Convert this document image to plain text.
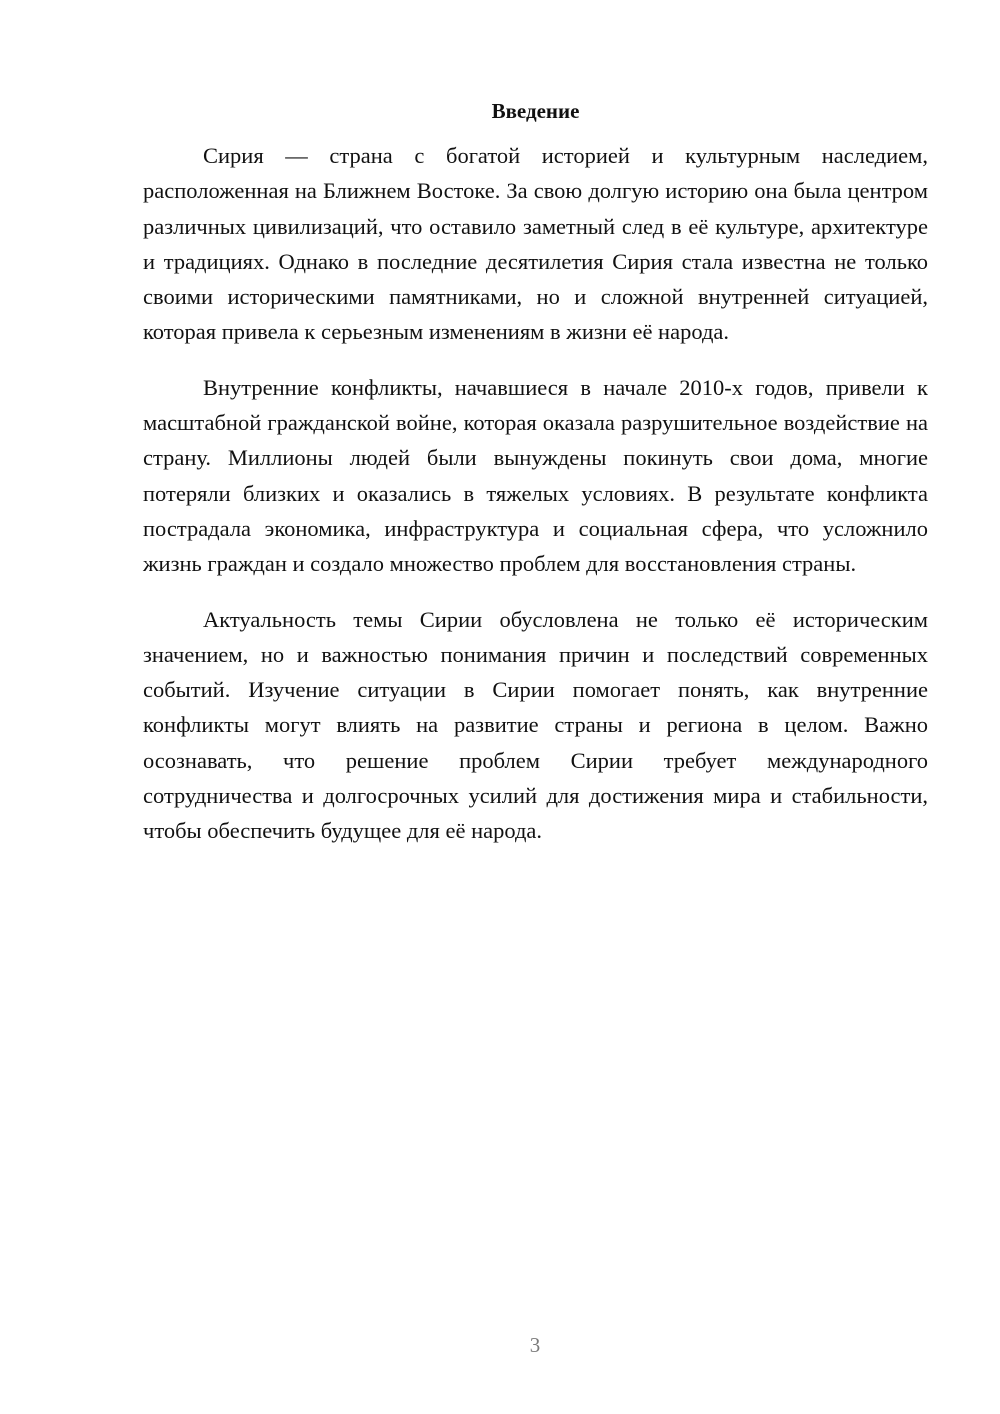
Введение

Сирия — страна с богатой историей и культурным наследием, расположенная на Ближнем Востоке. За свою долгую историю она была центром различных цивилизаций, что оставило заметный след в её культуре, архитектуре и традициях. Однако в последние десятилетия Сирия стала известна не только своими историческими памятниками, но и сложной внутренней ситуацией, которая привела к серьезным изменениям в жизни её народа.

Внутренние конфликты, начавшиеся в начале 2010-х годов, привели к масштабной гражданской войне, которая оказала разрушительное воздействие на страну. Миллионы людей были вынуждены покинуть свои дома, многие потеряли близких и оказались в тяжелых условиях. В результате конфликта пострадала экономика, инфраструктура и социальная сфера, что усложнило жизнь граждан и создало множество проблем для восстановления страны.

Актуальность темы Сирии обусловлена не только её историческим значением, но и важностью понимания причин и последствий современных событий. Изучение ситуации в Сирии помогает понять, как внутренние конфликты могут влиять на развитие страны и региона в целом. Важно осознавать, что решение проблем Сирии требует международного сотрудничества и долгосрочных усилий для достижения мира и стабильности, чтобы обеспечить будущее для её народа.

3
